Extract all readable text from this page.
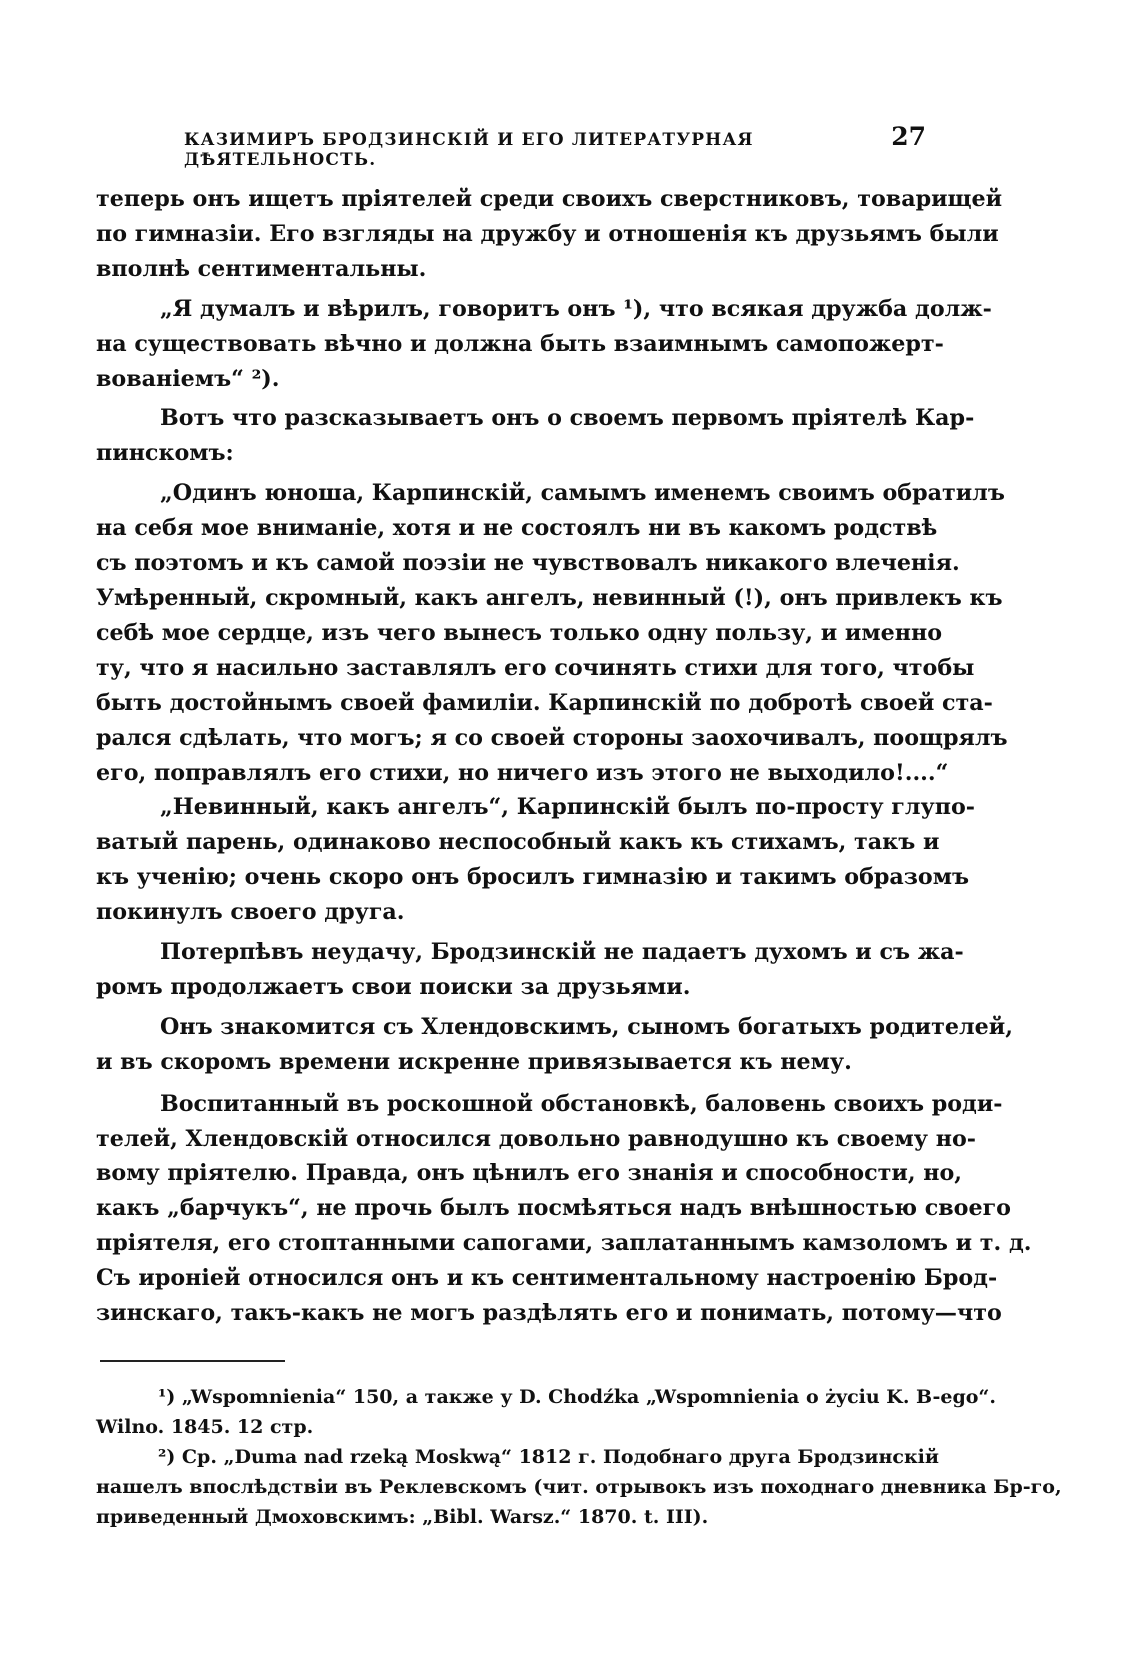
КАЗИМИРЪ БРОДЗИНСКІЙ И ЕГО ЛИТЕРАТУРНАЯ ДѢЯТЕЛЬНОСТЬ.
27
теперь онъ ищетъ пріятелей среди своихъ сверстниковъ, товарищей
по гимназіи. Его взгляды на дружбу и отношенія къ друзьямъ были
вполнѣ сентиментальны.
„Я думалъ и вѣрилъ, говоритъ онъ ¹), что всякая дружба долж-
на существовать вѣчно и должна быть взаимнымъ самопожерт-
вованіемъ“ ²).
Вотъ что разсказываетъ онъ о своемъ первомъ пріятелѣ Кар-
пинскомъ:
„Одинъ юноша, Карпинскій, самымъ именемъ своимъ обратилъ
на себя мое вниманіе, хотя и не состоялъ ни въ какомъ родствѣ
съ поэтомъ и къ самой поэзіи не чувствовалъ никакого влеченія.
Умѣренный, скромный, какъ ангелъ, невинный (!), онъ привлекъ къ
себѣ мое сердце, изъ чего вынесъ только одну пользу, и именно
ту, что я насильно заставлялъ его сочинять стихи для того, чтобы
быть достойнымъ своей фамиліи. Карпинскій по добротѣ своей ста-
рался сдѣлать, что могъ; я со своей стороны заохочивалъ, поощрялъ
его, поправлялъ его стихи, но ничего изъ этого не выходило!....“
„Невинный, какъ ангелъ“, Карпинскій былъ по-просту глупо-
ватый парень, одинаково неспособный какъ къ стихамъ, такъ и
къ ученію; очень скоро онъ бросилъ гимназію и такимъ образомъ
покинулъ своего друга.
Потерпѣвъ неудачу, Бродзинскій не падаетъ духомъ и съ жа-
ромъ продолжаетъ свои поиски за друзьями.
Онъ знакомится съ Хлендовскимъ, сыномъ богатыхъ родителей,
и въ скоромъ времени искренне привязывается къ нему.
Воспитанный въ роскошной обстановкѣ, баловень своихъ роди-
телей, Хлендовскій относился довольно равнодушно къ своему но-
вому пріятелю. Правда, онъ цѣнилъ его знанія и способности, но,
какъ „барчукъ“, не прочь былъ посмѣяться надъ внѣшностью своего
пріятеля, его стоптанными сапогами, заплатаннымъ камзоломъ и т. д.
Съ ироніей относился онъ и къ сентиментальному настроенію Брод-
зинскаго, такъ-какъ не могъ раздѣлять его и понимать, потому—что
¹) „Wspomnienia“ 150, а также у D. Chodźka „Wspomnienia o życiu K. B-ego“.
Wilno. 1845. 12 стр.
²) Ср. „Duma nad rzeką Moskwą“ 1812 г. Подобнаго друга Бродзинскій
нашелъ впослѣдствіи въ Реклевскомъ (чит. отрывокъ изъ походнаго дневника Бр-го,
приведенный Дмоховскимъ: „Bibl. Warsz.“ 1870. t. III).
